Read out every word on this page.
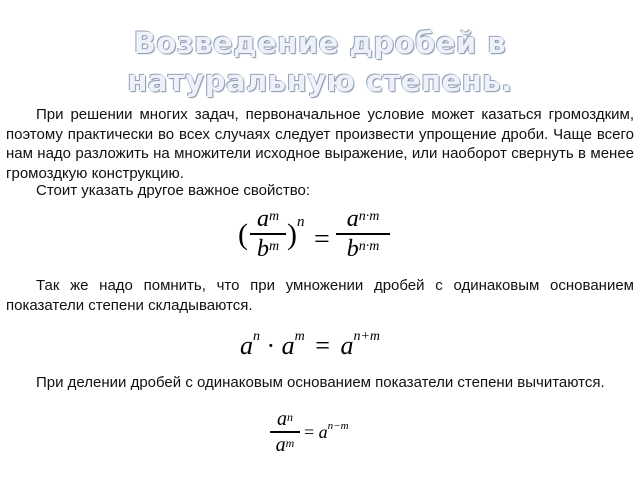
Возведение дробей в
натуральную степень.
При решении многих задач, первоначальное условие может казаться громоздким, поэтому практически во всех случаях следует произвести упрощение дроби. Чаще всего нам надо разложить на множители исходное выражение, или наоборот свернуть в менее громоздкую конструкцию.
Стоит указать другое важное свойство:
( $a^m$
$b^m$ ) n
=
$a^{n\cdot m}$
$b^{n\cdot m}$
Так же надо помнить, что при умножении дробей с одинаковым основанием показатели степени складываются.
$a^n \cdot a^m = a^{n+m}$
При делении дробей с одинаковым основанием показатели степени вычитаются.
$a^n$
$a^m$
= $a^{n-m}$
